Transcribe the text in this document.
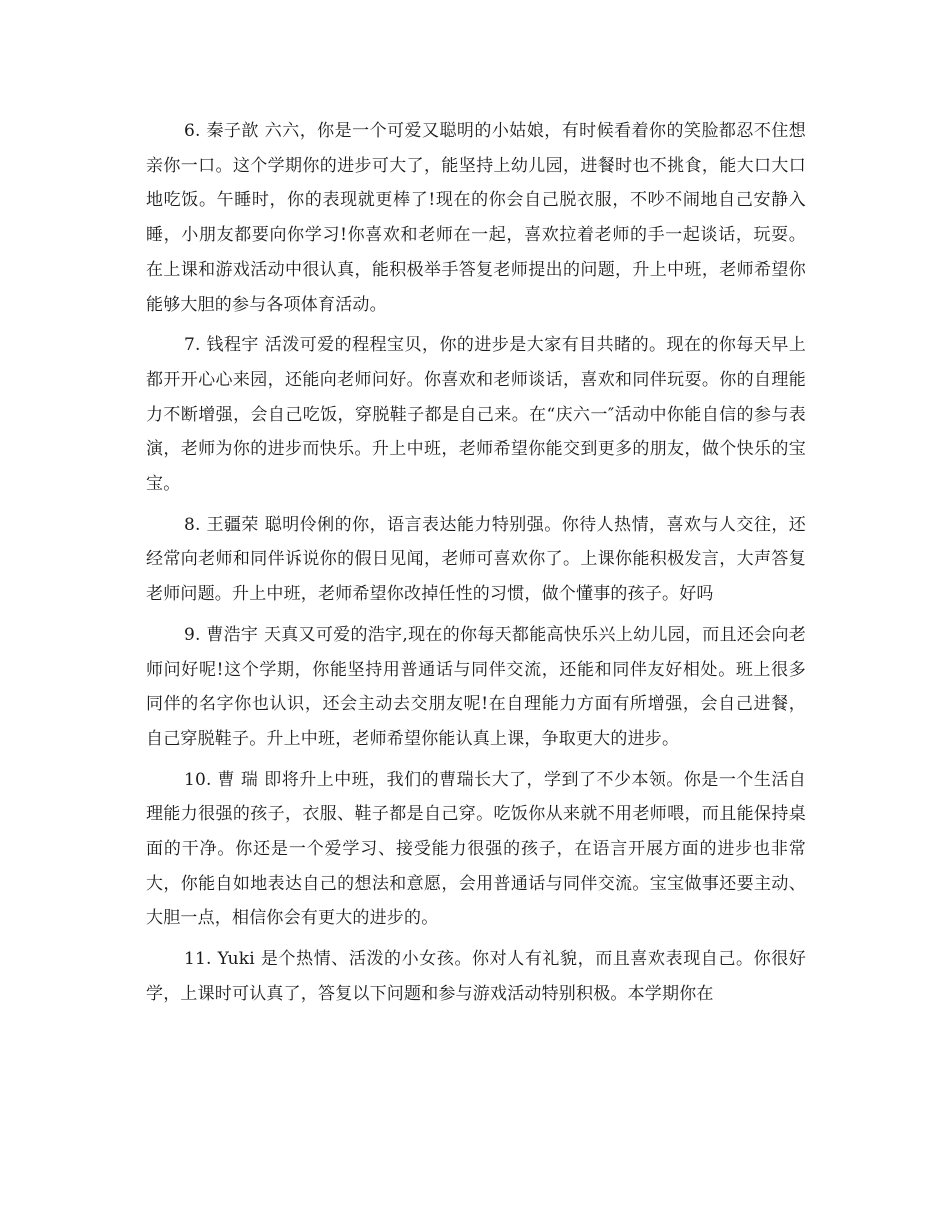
6. 秦子歆 六六，你是一个可爱又聪明的小姑娘，有时候看着你的笑脸都忍不住想亲你一口。这个学期你的进步可大了，能坚持上幼儿园，进餐时也不挑食，能大口大口地吃饭。午睡时，你的表现就更棒了!现在的你会自己脱衣服，不吵不闹地自己安静入睡，小朋友都要向你学习!你喜欢和老师在一起，喜欢拉着老师的手一起谈话，玩耍。在上课和游戏活动中很认真，能积极举手答复老师提出的问题，升上中班，老师希望你能够大胆的参与各项体育活动。

7. 钱程宇 活泼可爱的程程宝贝，你的进步是大家有目共睹的。现在的你每天早上都开开心心来园，还能向老师问好。你喜欢和老师谈话，喜欢和同伴玩耍。你的自理能力不断增强，会自己吃饭，穿脱鞋子都是自己来。在“庆六一″活动中你能自信的参与表演，老师为你的进步而快乐。升上中班，老师希望你能交到更多的朋友，做个快乐的宝宝。

8. 王疆荣 聪明伶俐的你，语言表达能力特别强。你待人热情，喜欢与人交往，还经常向老师和同伴诉说你的假日见闻，老师可喜欢你了。上课你能积极发言，大声答复老师问题。升上中班，老师希望你改掉任性的习惯，做个懂事的孩子。好吗

9. 曹浩宇 天真又可爱的浩宇,现在的你每天都能高快乐兴上幼儿园，而且还会向老师问好呢!这个学期，你能坚持用普通话与同伴交流，还能和同伴友好相处。班上很多同伴的名字你也认识，还会主动去交朋友呢!在自理能力方面有所增强，会自己进餐，自己穿脱鞋子。升上中班，老师希望你能认真上课，争取更大的进步。

10. 曹 瑞 即将升上中班，我们的曹瑞长大了，学到了不少本领。你是一个生活自理能力很强的孩子，衣服、鞋子都是自己穿。吃饭你从来就不用老师喂，而且能保持桌面的干净。你还是一个爱学习、接受能力很强的孩子，在语言开展方面的进步也非常大，你能自如地表达自己的想法和意愿，会用普通话与同伴交流。宝宝做事还要主动、大胆一点，相信你会有更大的进步的。

11. Yuki 是个热情、活泼的小女孩。你对人有礼貌，而且喜欢表现自己。你很好学，上课时可认真了，答复以下问题和参与游戏活动特别积极。本学期你在
